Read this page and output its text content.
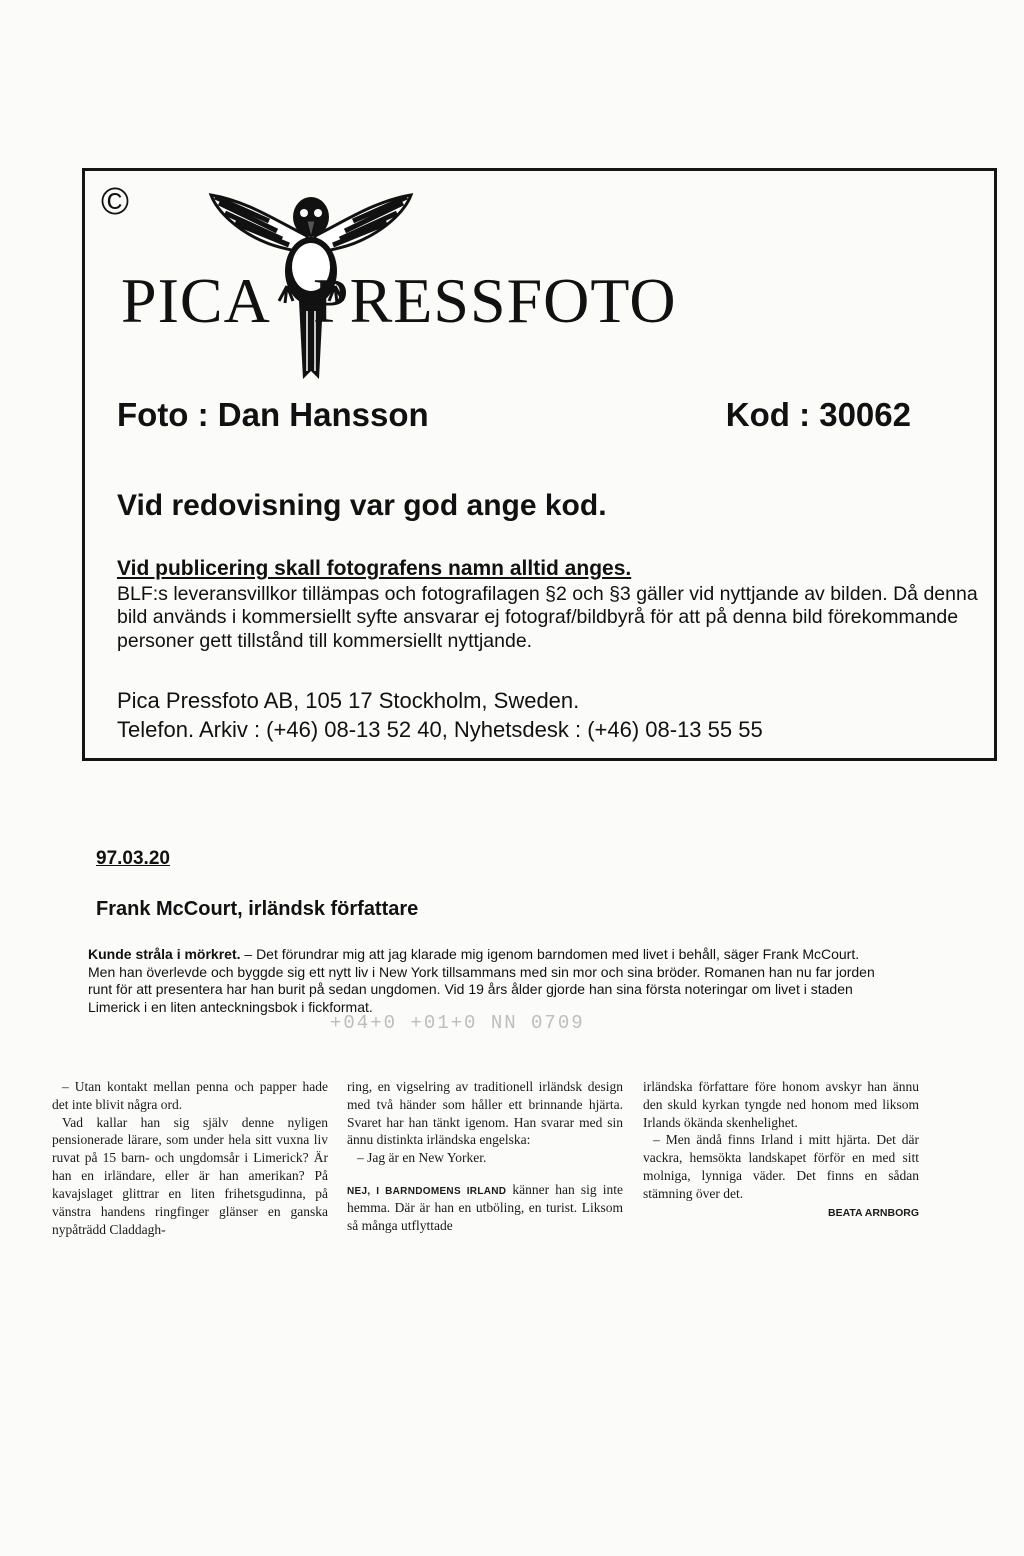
©
PICA PRESSFOTO
Foto : Dan Hansson	Kod : 30062
Vid redovisning var god ange kod.
Vid publicering skall fotografens namn alltid anges.
BLF:s leveransvillkor tillämpas och fotografilagen §2 och §3 gäller vid nyttjande av bilden. Då denna bild används i kommersiellt syfte ansvarar ej fotograf/bildbyrå för att på denna bild förekommande personer gett tillstånd till kommersiellt nyttjande.
Pica Pressfoto AB, 105 17 Stockholm, Sweden.
Telefon. Arkiv : (+46) 08-13 52 40, Nyhetsdesk : (+46) 08-13 55 55
97.03.20
Frank McCourt, irländsk författare
Kunde stråla i mörkret. – Det förundrar mig att jag klarade mig igenom barndomen med livet i behåll, säger Frank McCourt. Men han överlevde och byggde sig ett nytt liv i New York tillsammans med sin mor och sina bröder. Romanen han nu far jorden runt för att presentera har han burit på sedan ungdomen. Vid 19 års ålder gjorde han sina första noteringar om livet i staden Limerick i en liten anteckningsbok i fickformat.
+04+0 +01+0 NN 0709

– Utan kontakt mellan penna och papper hade det inte blivit några ord.

Vad kallar han sig själv denne nyligen pensionerade lärare, som under hela sitt vuxna liv ruvat på 15 barn- och ungdomsår i Limerick? Är han en irländare, eller är han amerikan? På kavajslaget glittrar en liten frihetsgudinna, på vänstra handens ringfinger glänser en ganska nypåträdd Claddagh-

ring, en vigselring av traditionell irländsk design med två händer som håller ett brinnande hjärta. Svaret har han tänkt igenom. Han svarar med sin ännu distinkta irländska engelska:

– Jag är en New Yorker.

NEJ, I BARNDOMENS IRLAND känner han sig inte hemma. Där är han en utböling, en turist. Liksom så många utflyttade

irländska författare före honom avskyr han ännu den skuld kyrkan tyngde ned honom med liksom Irlands ökända skenhelighet.

– Men ändå finns Irland i mitt hjärta. Det där vackra, hemsökta landskapet förför en med sitt molniga, lynniga väder. Det finns en sådan stämning över det.

BEATA ARNBORG
